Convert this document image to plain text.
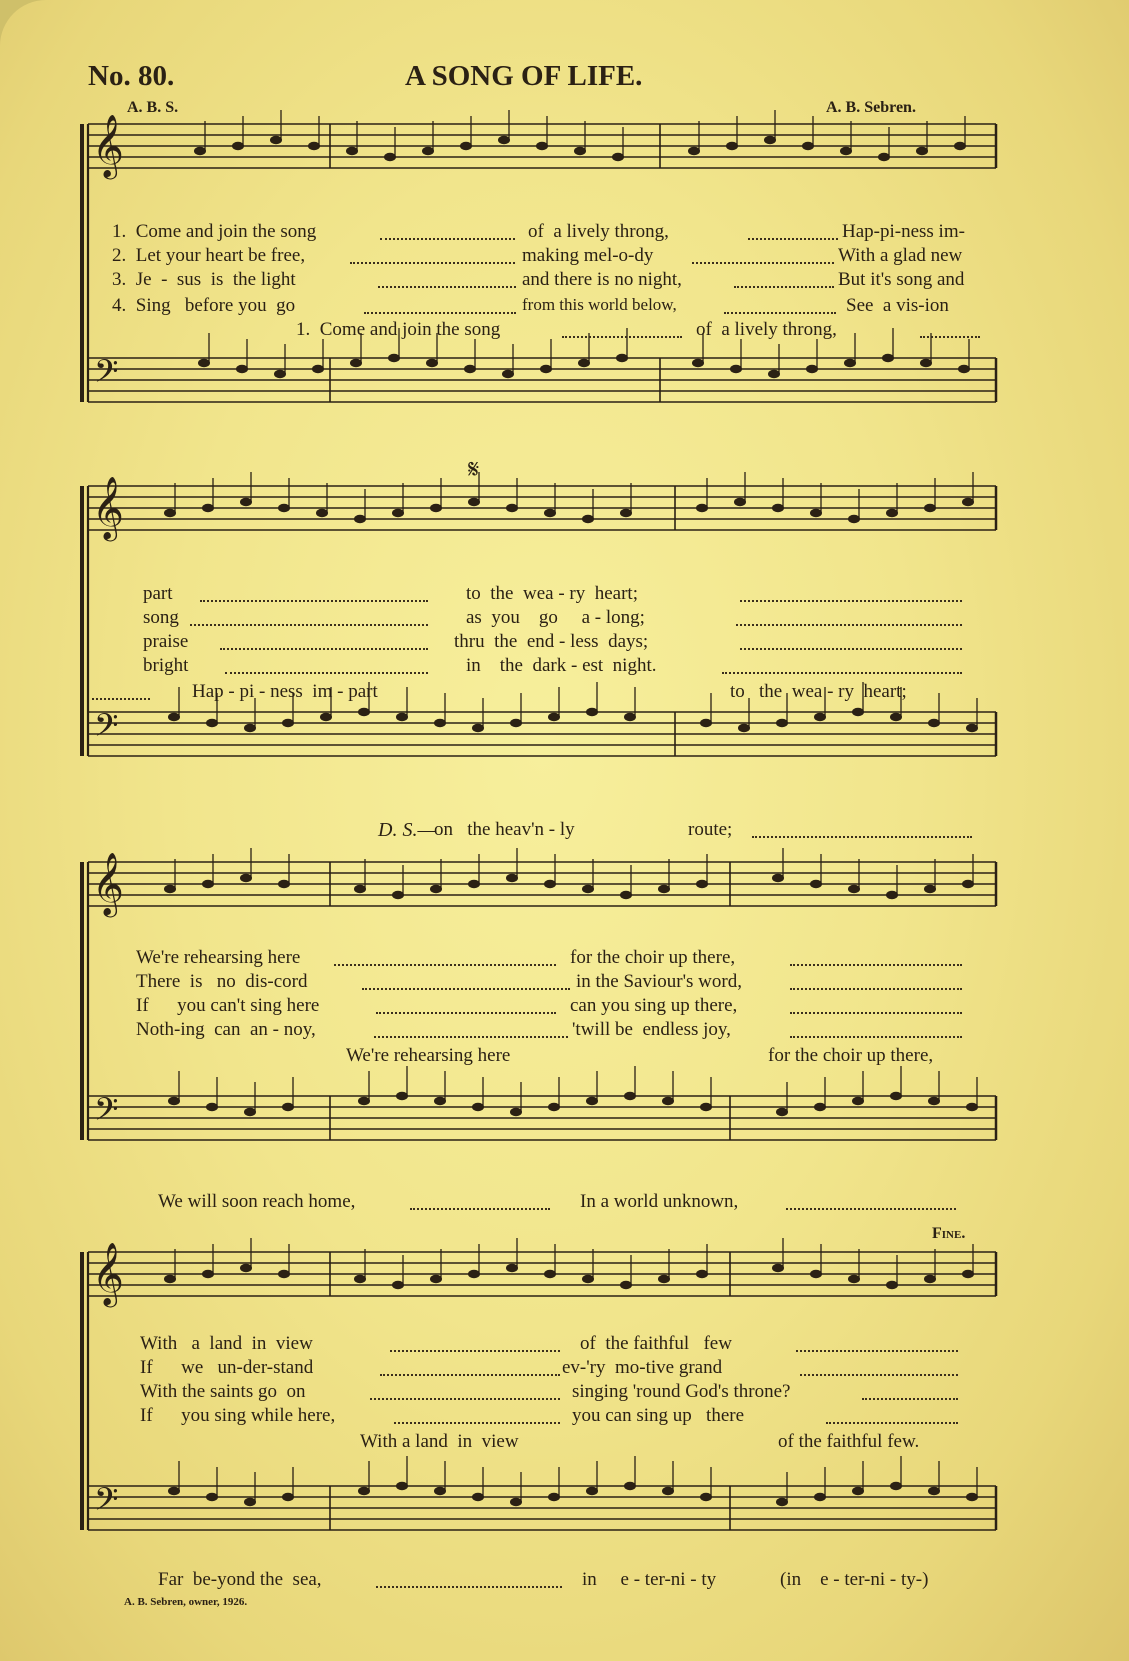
No. 80.	A SONG OF LIFE.
A. B. S.	A. B. Sebren.
𝄞
𝄢
𝄞
𝄢
𝄞
𝄢
𝄞
𝄢
𝄋
1.  Come and join the song	of  a lively throng,	Hap-pi-ness im-
2.  Let your heart be free,	making mel-o-dy	With a glad new
3.  Je  -  sus  is  the light	and there is no night,	But it's song and
4.  Sing   before you  go	from this world below,	See  a vis-ion
1.  Come and join the song	of  a lively throng,
part	to  the  wea - ry  heart;
song	as  you    go     a - long;
praise	thru  the  end - less  days;
bright	in    the  dark - est  night.
Hap - pi - ness  im - part	to   the  wea - ry  heart;
D. S.—
on   the heav'n - ly	route;
We're rehearsing here	for the choir up there,
There  is   no  dis-cord	in the Saviour's word,
If      you can't sing here	can you sing up there,
Noth-ing  can  an - noy,	'twill be  endless joy,
We're rehearsing here	for the choir up there,
We will soon reach home,	In a world unknown,
Fine.
With   a  land  in  view	of  the faithful   few
If      we   un-der-stand	ev-'ry  mo-tive grand
With the saints go  on	singing 'round God's throne?
If      you sing while here,	you can sing up   there
With a land  in  view	of the faithful few.
Far  be-yond the  sea,	in     e - ter-ni - ty	(in    e - ter-ni - ty-)
A. B. Sebren, owner, 1926.
